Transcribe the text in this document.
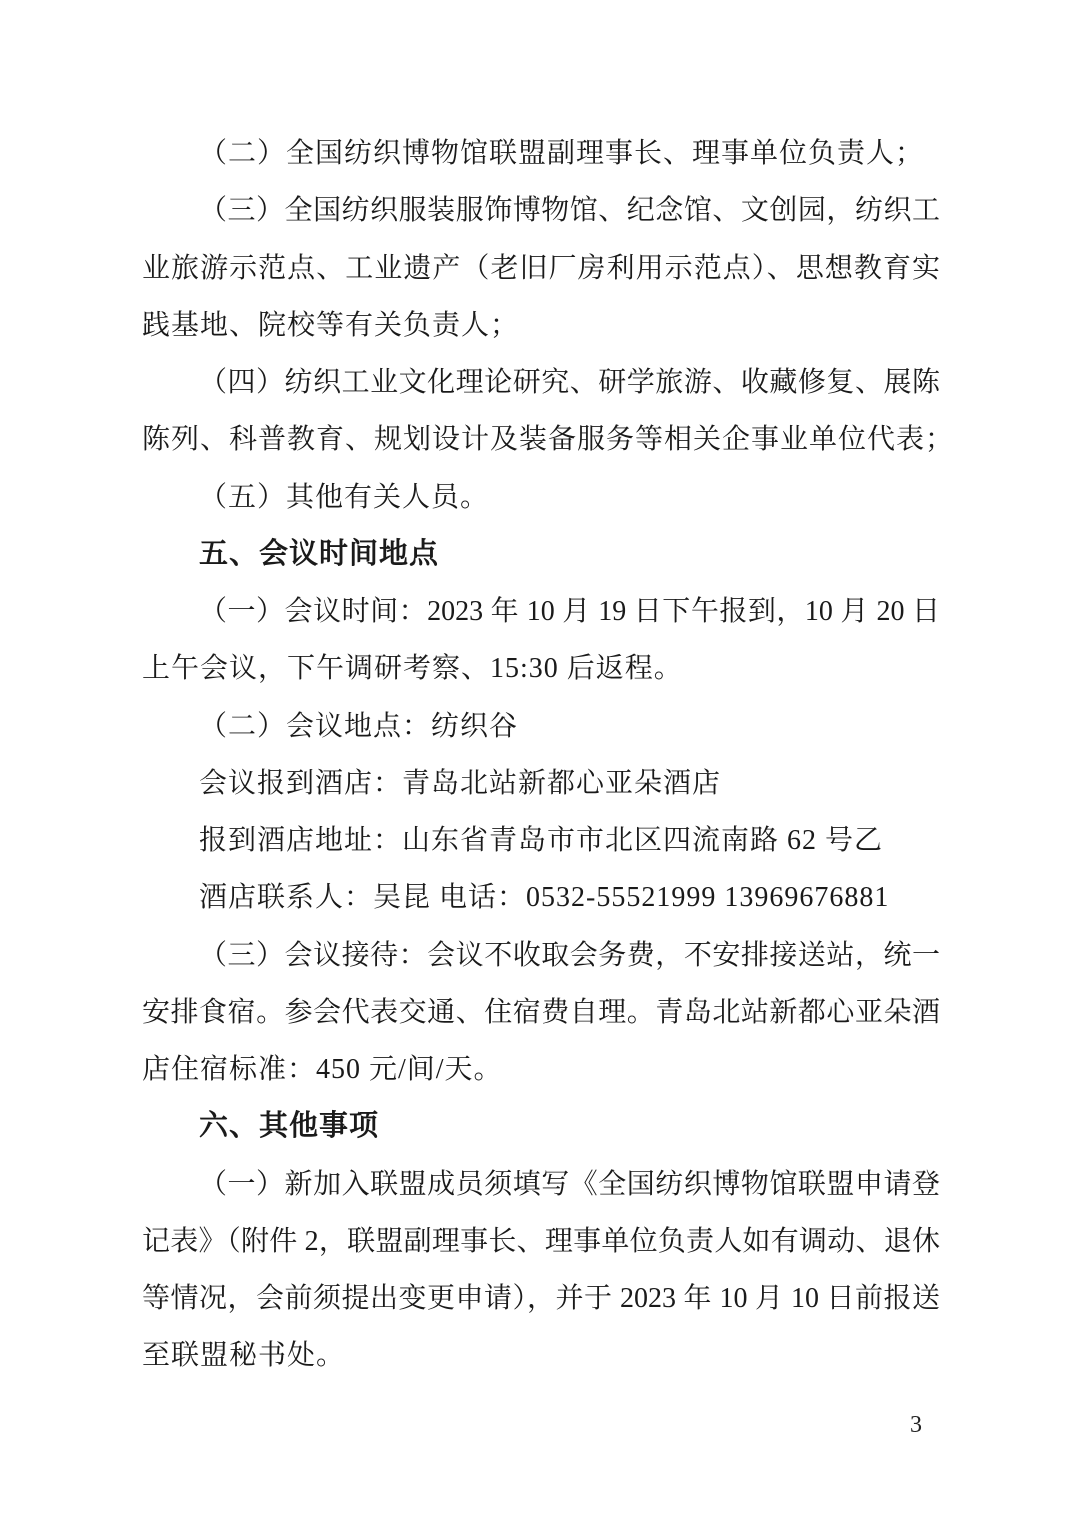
（二）全国纺织博物馆联盟副理事长、理事单位负责人；
（三）全国纺织服装服饰博物馆、纪念馆、文创园，纺织工
业旅游示范点、工业遗产（老旧厂房利用示范点）、思想教育实
践基地、院校等有关负责人；
（四）纺织工业文化理论研究、研学旅游、收藏修复、展陈
陈列、科普教育、规划设计及装备服务等相关企事业单位代表；
（五）其他有关人员。
五、会议时间地点
（一）会议时间：2023 年 10 月 19 日下午报到，10 月 20 日
上午会议，下午调研考察、15:30 后返程。
（二）会议地点：纺织谷
会议报到酒店：青岛北站新都心亚朵酒店
报到酒店地址：山东省青岛市市北区四流南路 62 号乙
酒店联系人：吴昆 电话：0532-55521999 13969676881
（三）会议接待：会议不收取会务费，不安排接送站，统一
安排食宿。参会代表交通、住宿费自理。青岛北站新都心亚朵酒
店住宿标准：450 元/间/天。
六、其他事项
（一）新加入联盟成员须填写《全国纺织博物馆联盟申请登
记表》（附件 2，联盟副理事长、理事单位负责人如有调动、退休
等情况，会前须提出变更申请），并于 2023 年 10 月 10 日前报送
至联盟秘书处。
3
